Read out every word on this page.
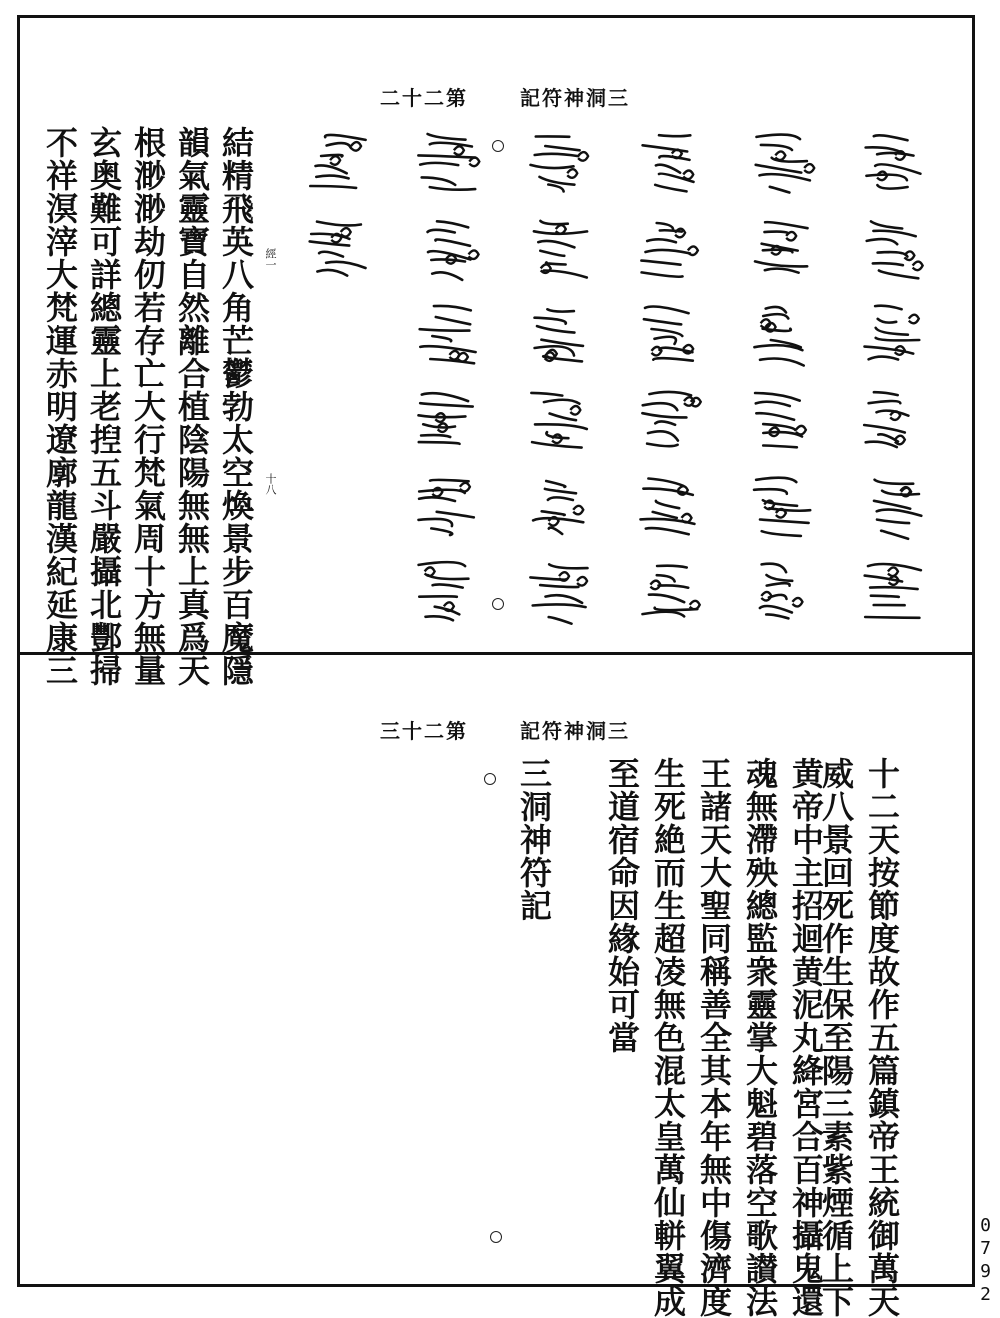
二十二第	記符神洞三
經一
十八
結精飛英八角芒鬱勃太空煥景步百魔隱
韻氣靈寶自然離合植陰陽無無上真爲天
根渺渺劫仞若存亡大行梵氣周十方無量
玄奥難可詳總靈上老揑五斗嚴攝北酆掃
不祥溟滓大梵運赤明遼廓龍漢紀延康三
三十二第	記符神洞三
十二天按節度故作五篇鎮帝王統御萬天
威八景回死作生保至陽三素紫煙循上下
黄帝中主招迴黄泥丸絳宮合百神攝鬼還
魂無滯殃總監衆靈掌大魁碧落空歌讃法
王諸天大聖同稱善全其本年無中傷濟度
生死絶而生超凌無色混太皇萬仙軿翼成
至道宿命因緣始可當
三洞神符記
0792
